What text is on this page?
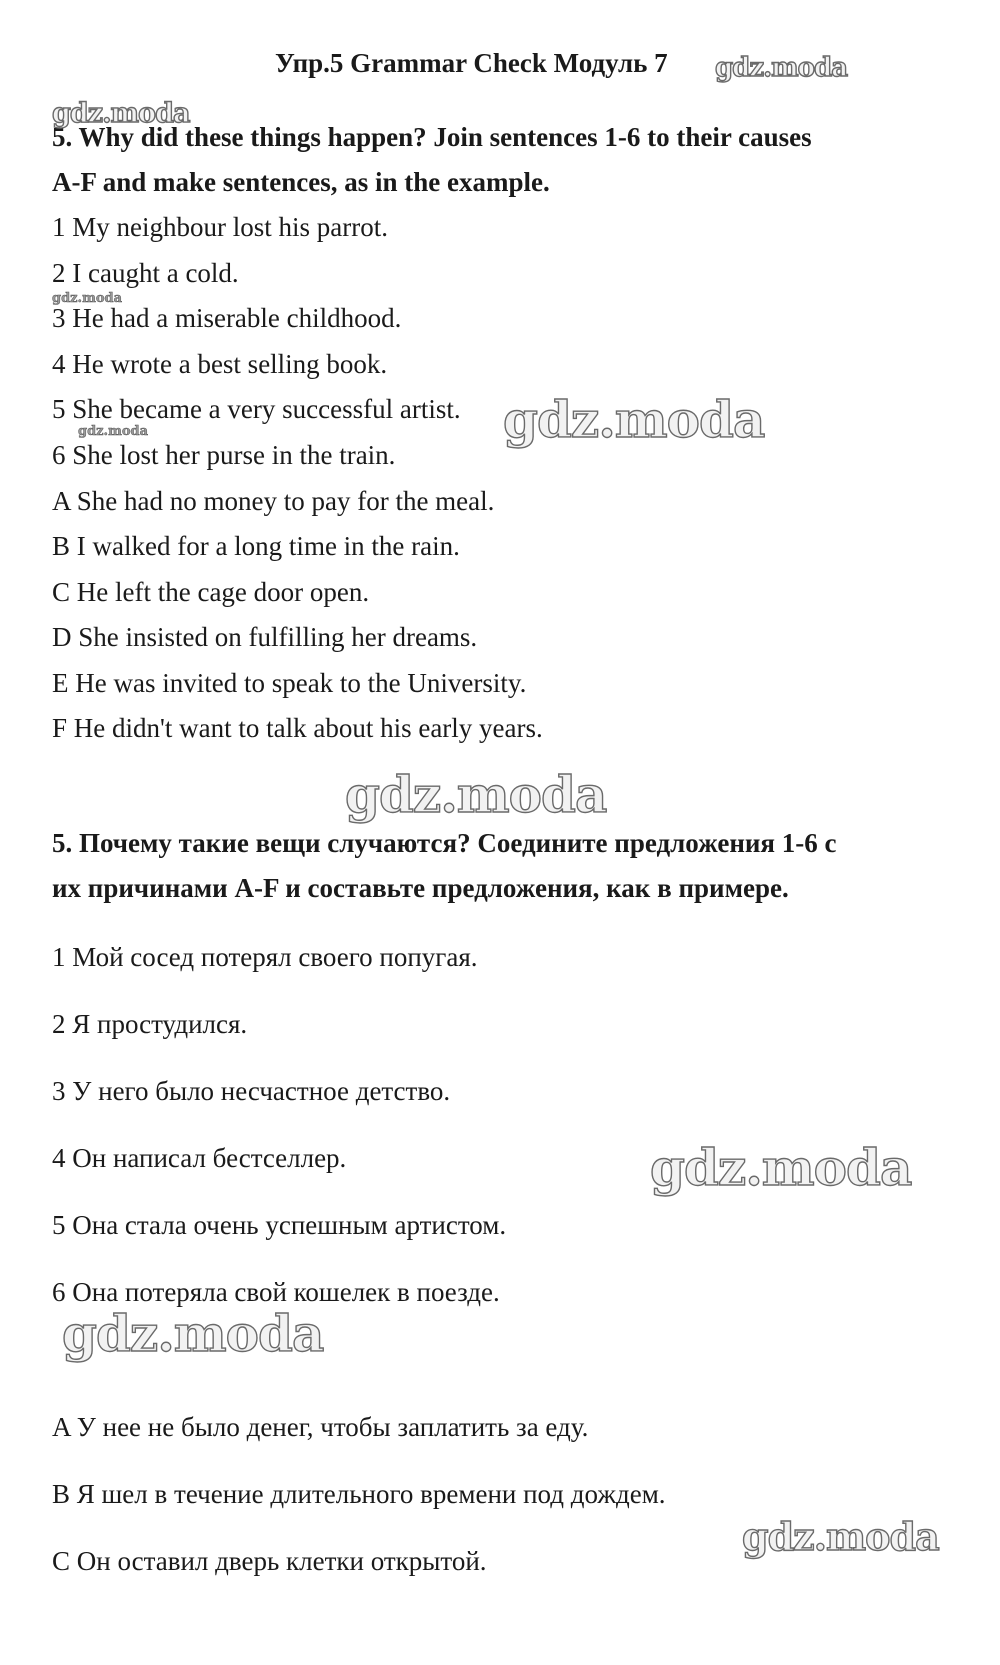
Упр.5 Grammar Check Модуль 7
5. Why did these things happen? Join sentences 1-6 to their causes
A-F and make sentences, as in the example.
1 My neighbour lost his parrot.
2 I caught a cold.
3 He had a miserable childhood.
4 He wrote a best selling book.
5 She became a very successful artist.
6 She lost her purse in the train.
A She had no money to pay for the meal.
B I walked for a long time in the rain.
C He left the cage door open.
D She insisted on fulfilling her dreams.
E He was invited to speak to the University.
F He didn't want to talk about his early years.
5. Почему такие вещи случаются? Соедините предложения 1-6 с
их причинами A-F и составьте предложения, как в примере.
1 Мой сосед потерял своего попугая.
2 Я простудился.
3 У него было несчастное детство.
4 Он написал бестселлер.
5 Она стала очень успешным артистом.
6 Она потеряла свой кошелек в поезде.
A У нее не было денег, чтобы заплатить за еду.
B Я шел в течение длительного времени под дождем.
C Он оставил дверь клетки открытой.
gdz.moda
gdz.moda
gdz.moda
gdz.moda	gdz.moda
gdz.moda
gdz.moda
gdz.moda
gdz.moda
